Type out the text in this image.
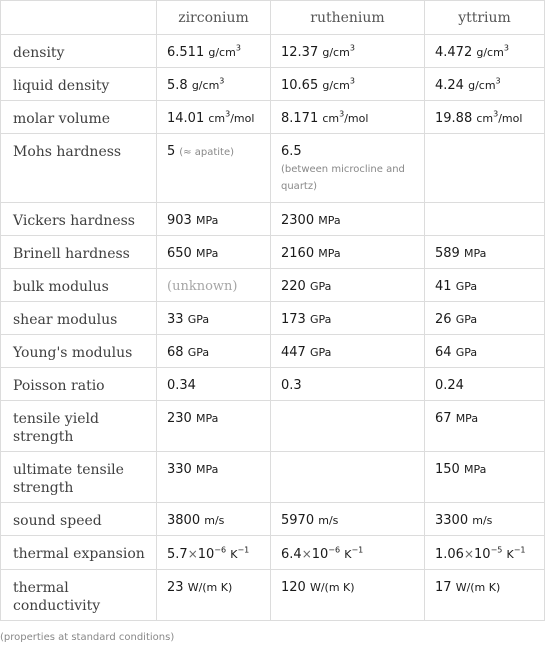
	zirconium	ruthenium	yttrium
density	6.511 $g/cm^3$	12.37 $g/cm^3$	4.472 $g/cm^3$
liquid density	5.8 $g/cm^3$	10.65 $g/cm^3$	4.24 $g/cm^3$
molar volume	14.01 $cm^3$/mol	8.171 $cm^3$/mol	19.88 $cm^3$/mol
Mohs hardness	5 (≈ apatite)	6.5
(between microcline and quartz)	

Vickers hardness	903 MPa	2300 MPa	
Brinell hardness	650 MPa	2160 MPa	589 MPa
bulk modulus	(unknown)	220 GPa	41 GPa
shear modulus	33 GPa	173 GPa	26 GPa
Young's modulus	68 GPa	447 GPa	64 GPa
Poisson ratio	0.34	0.3	0.24
tensile yield strength	230 MPa		67 MPa
ultimate tensile strength	330 MPa		150 MPa
sound speed	3800 m/s	5970 m/s	3300 m/s
thermal expansion	$5.7\times 10^{-6}$ $K^{-1}$	$6.4\times 10^{-6}$ $K^{-1}$	$1.06\times 10^{-5}$ $K^{-1}$
thermal conductivity	23 W/(m K)	120 W/(m K)	17 W/(m K)
(properties at standard conditions)
